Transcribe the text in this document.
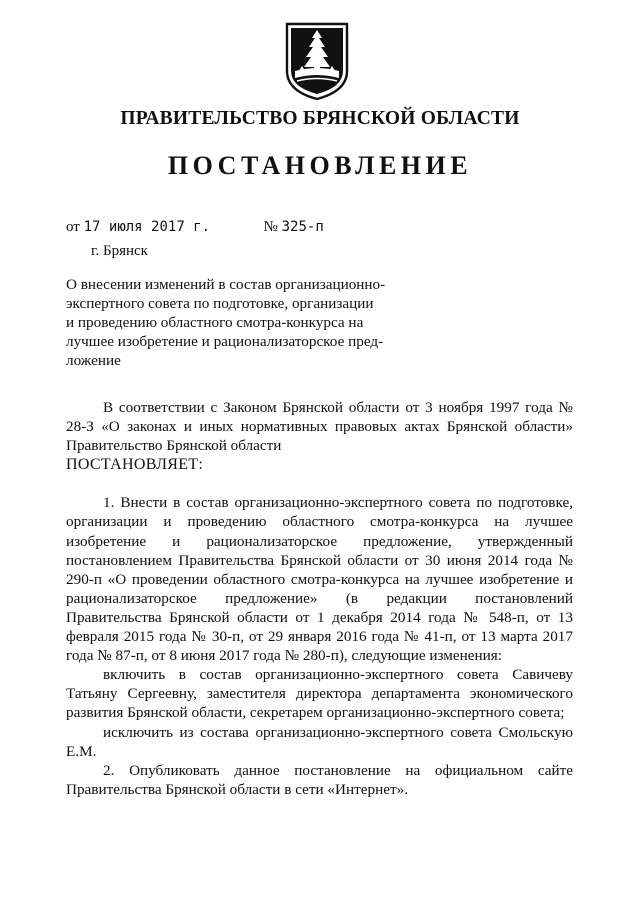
ПРАВИТЕЛЬСТВО БРЯНСКОЙ ОБЛАСТИ
ПОСТАНОВЛЕНИЕ
от 17 июля 2017 г.	№ 325-п
г. Брянск
О внесении изменений в состав организационно-
экспертного совета по подготовке, организации
и проведению областного смотра-конкурса на
лучшее изобретение и рационализаторское пред-
ложение

В соответствии с Законом Брянской области от 3 ноября 1997 года № 28-З «О законах и иных нормативных правовых актах Брянской области» Правительство Брянской области

ПОСТАНОВЛЯЕТ:

1. Внести в состав организационно-экспертного совета по подготовке, организации и проведению областного смотра-конкурса на лучшее изобретение и рационализаторское предложение, утвержденный постановлением Правительства Брянской области от 30 июня 2014 года № 290-п «О проведении областного смотра-конкурса на лучшее изобретение и рационализаторское предложение» (в редакции постановлений Правительства Брянской области от 1 декабря 2014 года № 548-п, от 13 февраля 2015 года № 30-п, от 29 января 2016 года № 41-п, от 13 марта 2017 года № 87-п, от 8 июня 2017 года № 280-п), следующие изменения:

включить в состав организационно-экспертного совета Савичеву Татьяну Сергеевну, заместителя директора департамента экономического развития Брянской области, секретарем организационно-экспертного совета;

исключить из состава организационно-экспертного совета Смольскую Е.М.

2. Опубликовать данное постановление на официальном сайте Правительства Брянской области в сети «Интернет».
